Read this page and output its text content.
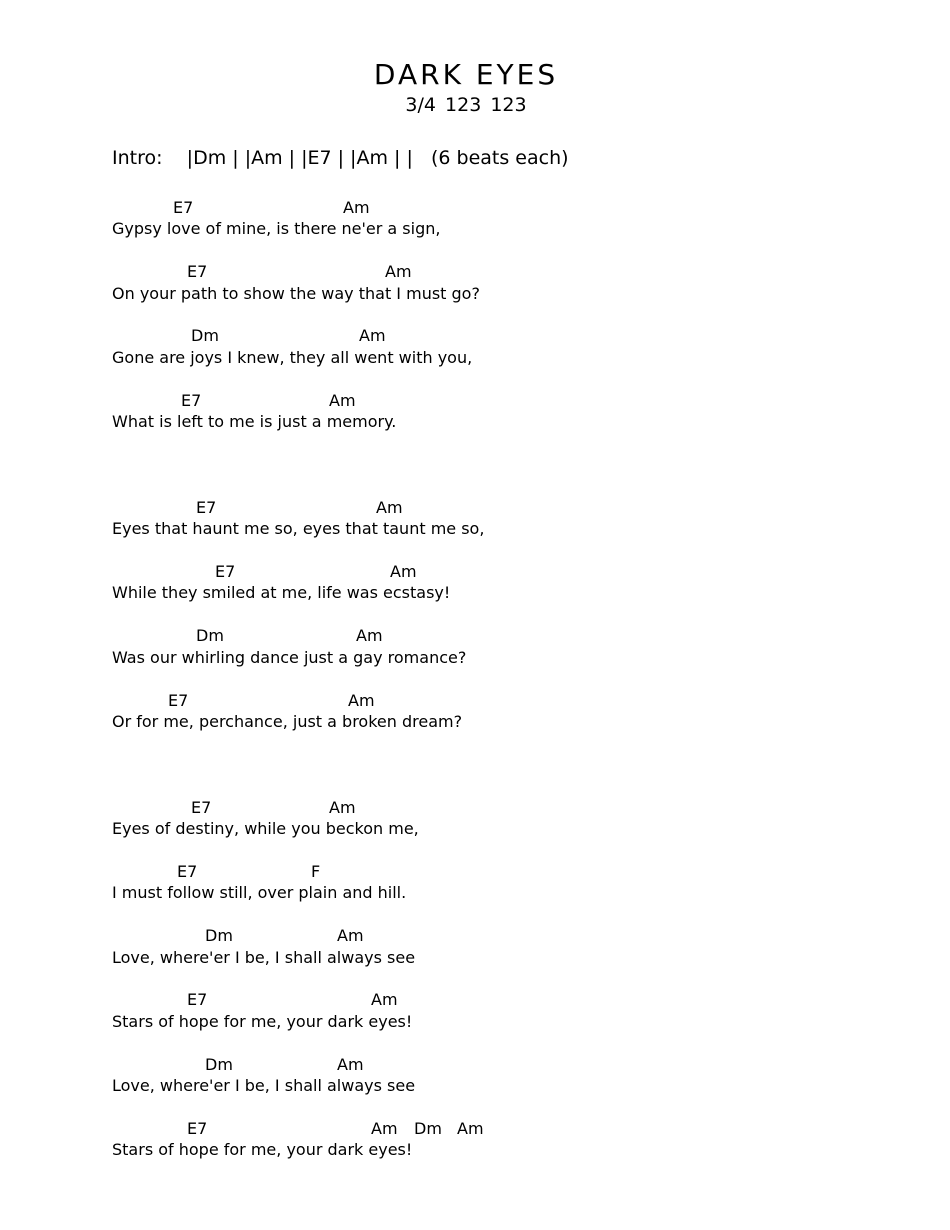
DARK EYES
3/4 123 123
Intro:    |Dm | |Am | |E7 | |Am | |   (6 beats each)
E7	Am
Gypsy love of mine, is there ne'er a sign,
E7	Am
On your path to show the way that I must go?
Dm	Am
Gone are joys I knew, they all went with you,
E7	Am
What is left to me is just a memory.
E7	Am
Eyes that haunt me so, eyes that taunt me so,
E7	Am
While they smiled at me, life was ecstasy!
Dm	Am
Was our whirling dance just a gay romance?
E7	Am
Or for me, perchance, just a broken dream?
E7	Am
Eyes of destiny, while you beckon me,
E7	F
I must follow still, over plain and hill.
Dm	Am
Love, where'er I be, I shall always see
E7	Am
Stars of hope for me, your dark eyes!
Dm	Am
Love, where'er I be, I shall always see
E7	Am Dm Am
Stars of hope for me, your dark eyes!
